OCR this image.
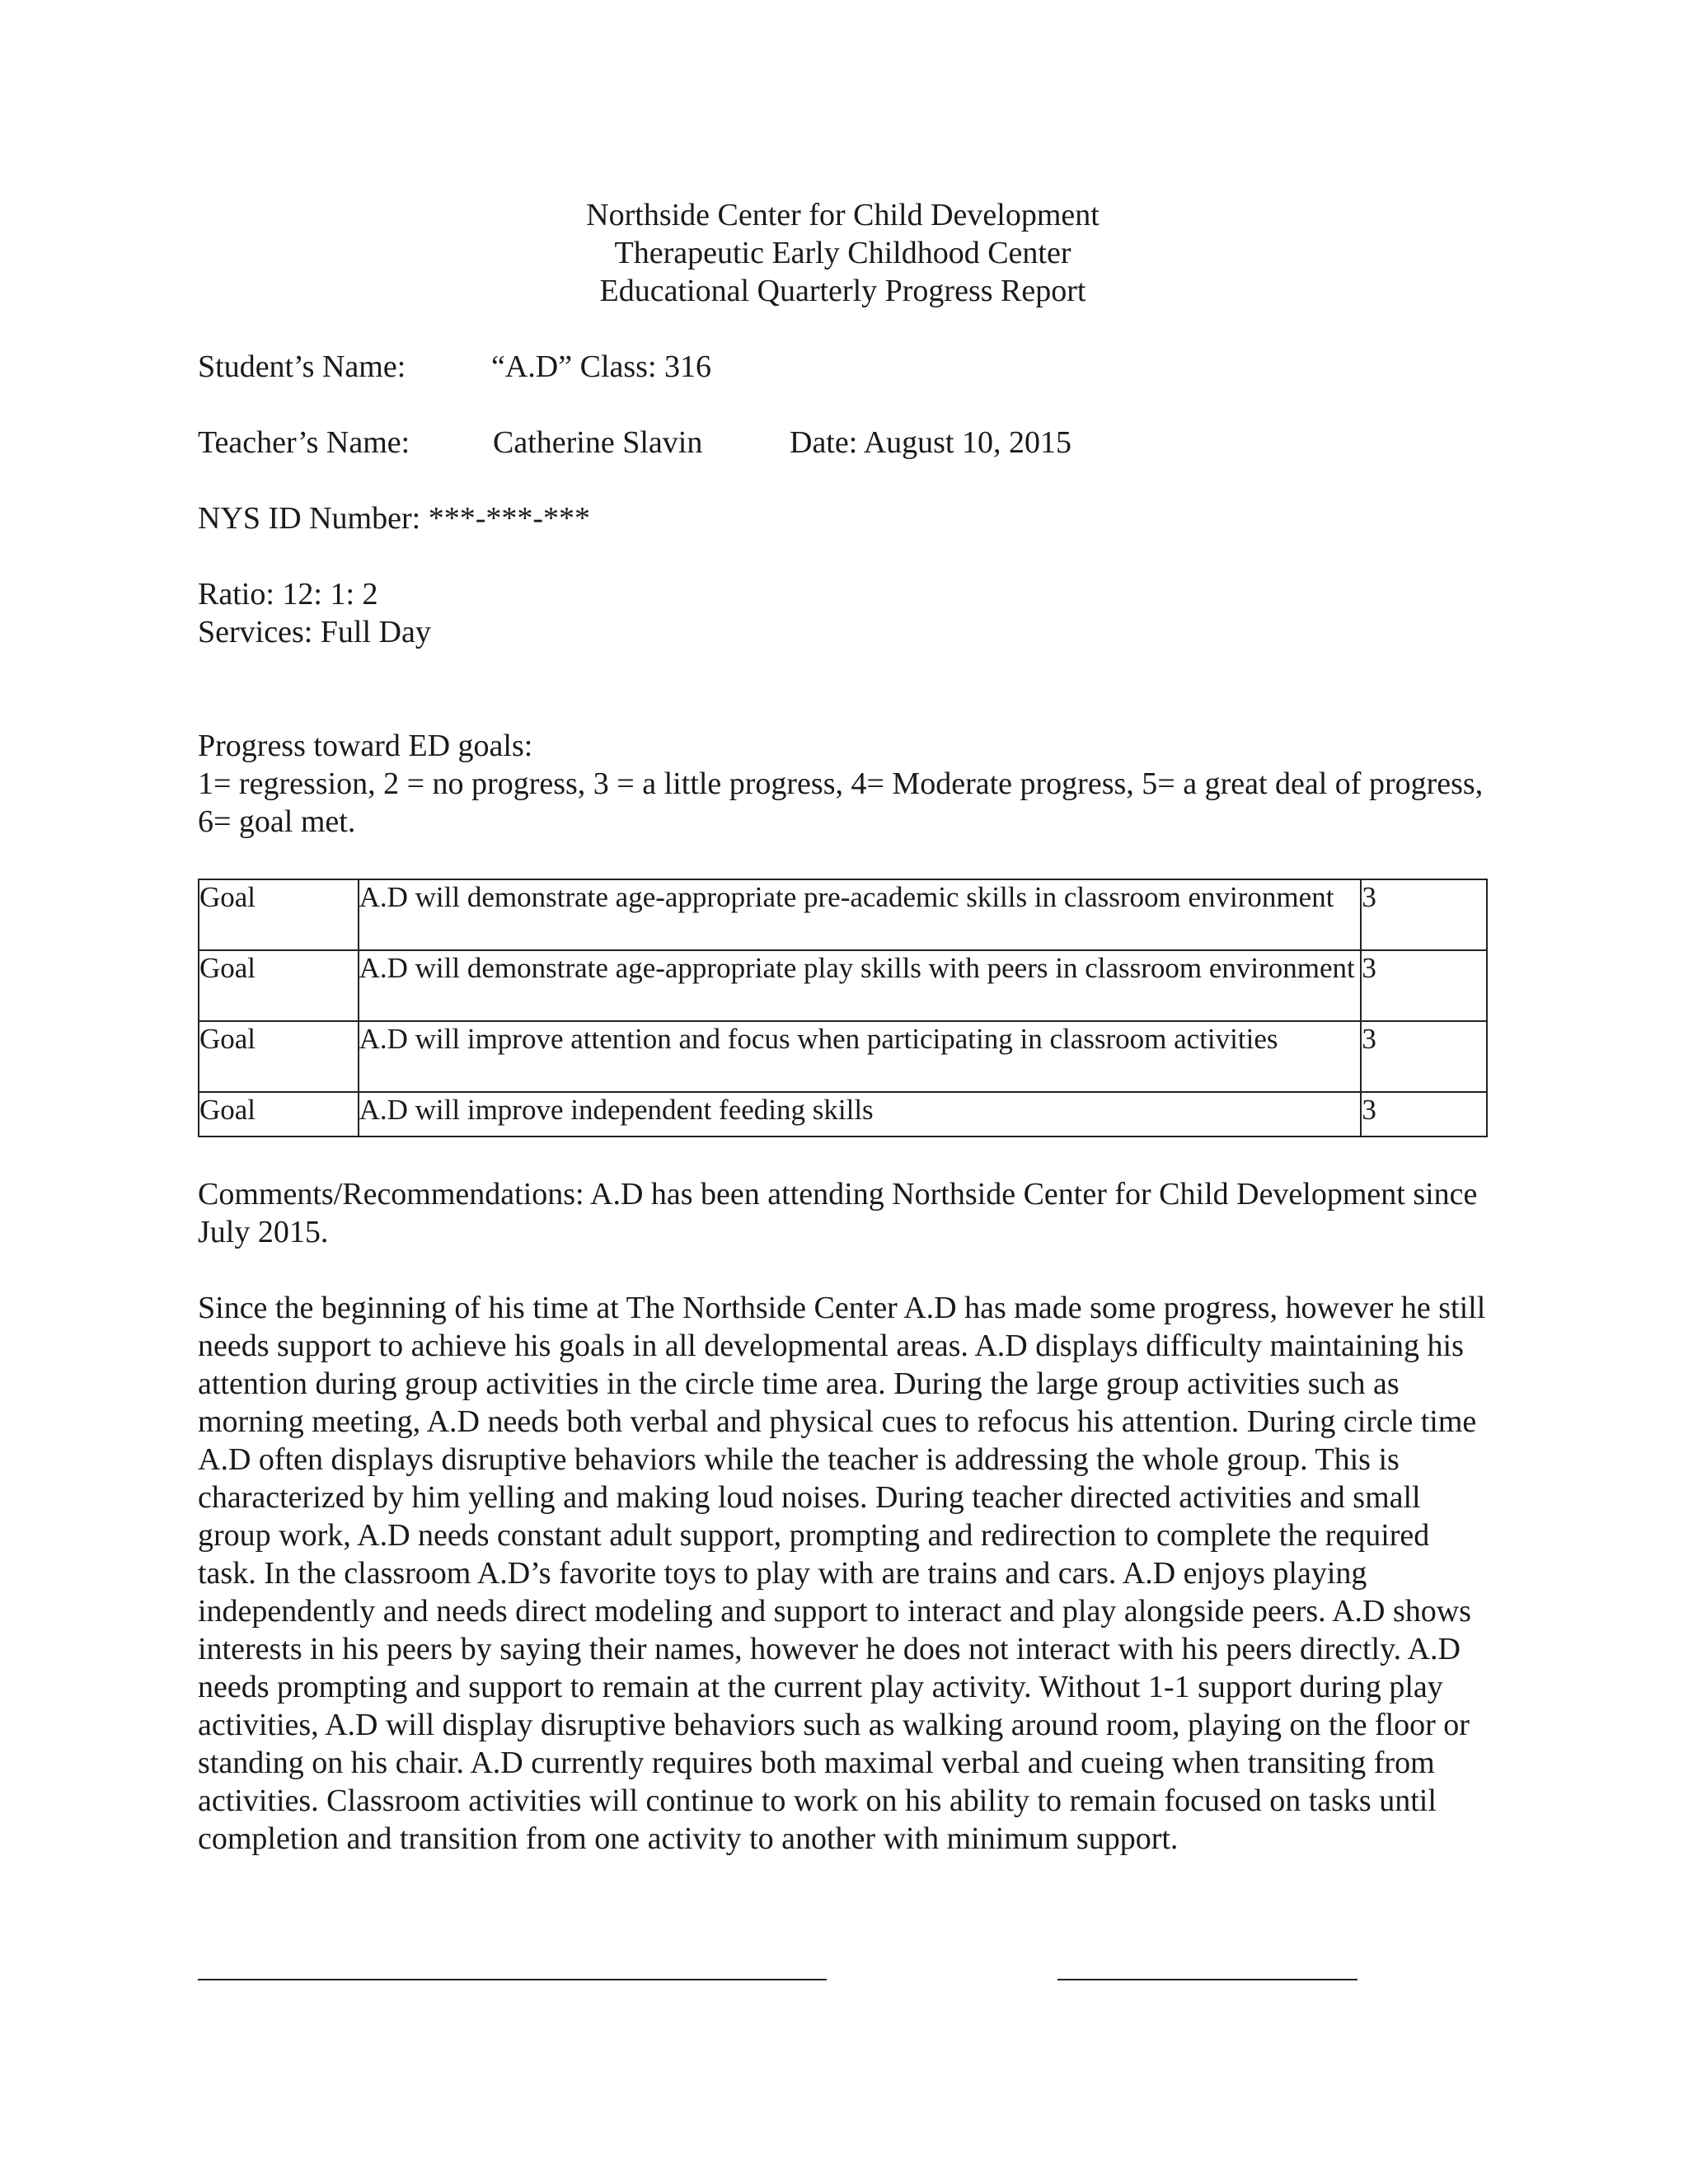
Northside Center for Child Development
Therapeutic Early Childhood Center
Educational Quarterly Progress Report
Student’s Name:	“A.D” Class: 316
Teacher’s Name:	Catherine Slavin	Date: August 10, 2015
NYS ID Number: ***-***-***
Ratio: 12: 1: 2
Services: Full Day
Progress toward ED goals:
1= regression, 2 = no progress, 3 = a little progress, 4= Moderate progress, 5= a great deal of progress, 6= goal met.
Goal	A.D will demonstrate age-appropriate pre-academic skills in classroom environment	3
Goal	A.D will demonstrate age-appropriate play skills with peers in classroom environment	3
Goal	A.D will improve attention and focus when participating in classroom activities	3
Goal	A.D will improve independent feeding skills	3
Comments/Recommendations: A.D has been attending Northside Center for Child Development since July 2015.
Since the beginning of his time at The Northside Center A.D has made some progress, however he still needs support to achieve his goals in all developmental areas. A.D displays difficulty maintaining his attention during group activities in the circle time area. During the large group activities such as morning meeting, A.D needs both verbal and physical cues to refocus his attention. During circle time A.D often displays disruptive behaviors while the teacher is addressing the whole group. This is characterized by him yelling and making loud noises. During teacher directed activities and small group work, A.D needs constant adult support, prompting and redirection to complete the required task. In the classroom A.D’s favorite toys to play with are trains and cars. A.D enjoys playing independently and needs direct modeling and support to interact and play alongside peers. A.D shows interests in his peers by saying their names, however he does not interact with his peers directly. A.D needs prompting and support to remain at the current play activity. Without 1-1 support during play activities, A.D will display disruptive behaviors such as walking around room, playing on the floor or standing on his chair. A.D currently requires both maximal verbal and cueing when transiting from activities. Classroom activities will continue to work on his ability to remain focused on tasks until completion and transition from one activity to another with minimum support.
